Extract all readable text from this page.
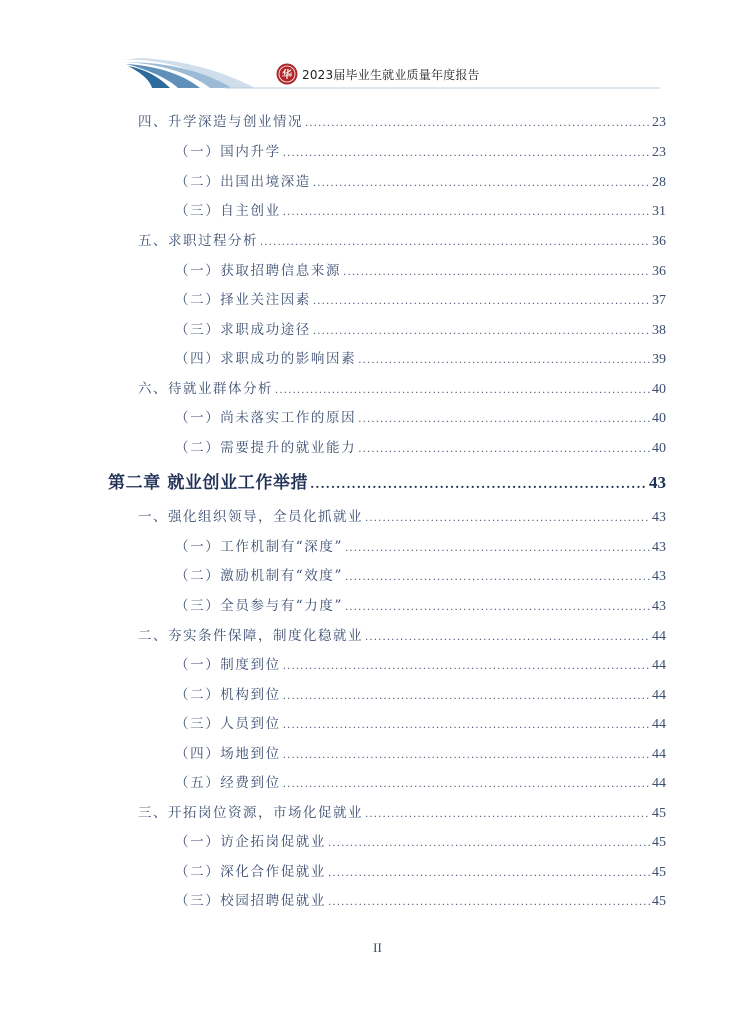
华 2023届毕业生就业质量年度报告
四、升学深造与创业情况 .....	23
（一）国内升学 .....	23
（二）出国出境深造 .....	28
（三）自主创业 .....	31
五、求职过程分析 .....	36
（一）获取招聘信息来源 .....	36
（二）择业关注因素 .....	37
（三）求职成功途径 .....	38
（四）求职成功的影响因素 .....	39
六、待就业群体分析 .....	40
（一）尚未落实工作的原因 .....	40
（二）需要提升的就业能力 .....	40
第二章 就业创业工作举措 .....	43
一、强化组织领导，全员化抓就业 .....	43
（一）工作机制有“深度” .....	43
（二）激励机制有“效度” .....	43
（三）全员参与有“力度” .....	43
二、夯实条件保障，制度化稳就业 .....	44
（一）制度到位 .....	44
（二）机构到位 .....	44
（三）人员到位 .....	44
（四）场地到位 .....	44
（五）经费到位 .....	44
三、开拓岗位资源，市场化促就业 .....	45
（一）访企拓岗促就业 .....	45
（二）深化合作促就业 .....	45
（三）校园招聘促就业 .....	45
II
